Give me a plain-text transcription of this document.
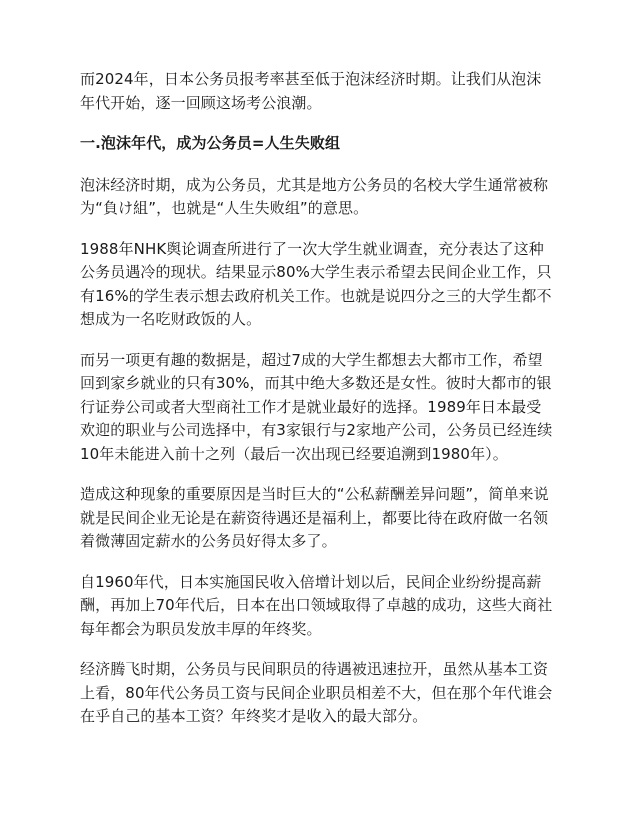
而2024年，日本公务员报考率甚至低于泡沫经济时期。让我们从泡沫年代开始，逐一回顾这场考公浪潮。

一.泡沫年代，成为公务员=人生失败组

泡沫经济时期，成为公务员，尤其是地方公务员的名校大学生通常被称为“負け組”，也就是“人生失败组”的意思。

1988年NHK舆论调查所进行了一次大学生就业调查，充分表达了这种公务员遇冷的现状。结果显示80%大学生表示希望去民间企业工作，只有16%的学生表示想去政府机关工作。也就是说四分之三的大学生都不想成为一名吃财政饭的人。

而另一项更有趣的数据是，超过7成的大学生都想去大都市工作，希望回到家乡就业的只有30%，而其中绝大多数还是女性。彼时大都市的银行证券公司或者大型商社工作才是就业最好的选择。1989年日本最受欢迎的职业与公司选择中，有3家银行与2家地产公司，公务员已经连续10年未能进入前十之列（最后一次出现已经要追溯到1980年）。

造成这种现象的重要原因是当时巨大的“公私薪酬差异问题”，简单来说就是民间企业无论是在薪资待遇还是福利上，都要比待在政府做一名领着微薄固定薪水的公务员好得太多了。

自1960年代，日本实施国民收入倍增计划以后，民间企业纷纷提高薪酬，再加上70年代后，日本在出口领域取得了卓越的成功，这些大商社每年都会为职员发放丰厚的年终奖。

经济腾飞时期，公务员与民间职员的待遇被迅速拉开，虽然从基本工资上看，80年代公务员工资与民间企业职员相差不大，但在那个年代谁会在乎自己的基本工资？年终奖才是收入的最大部分。
